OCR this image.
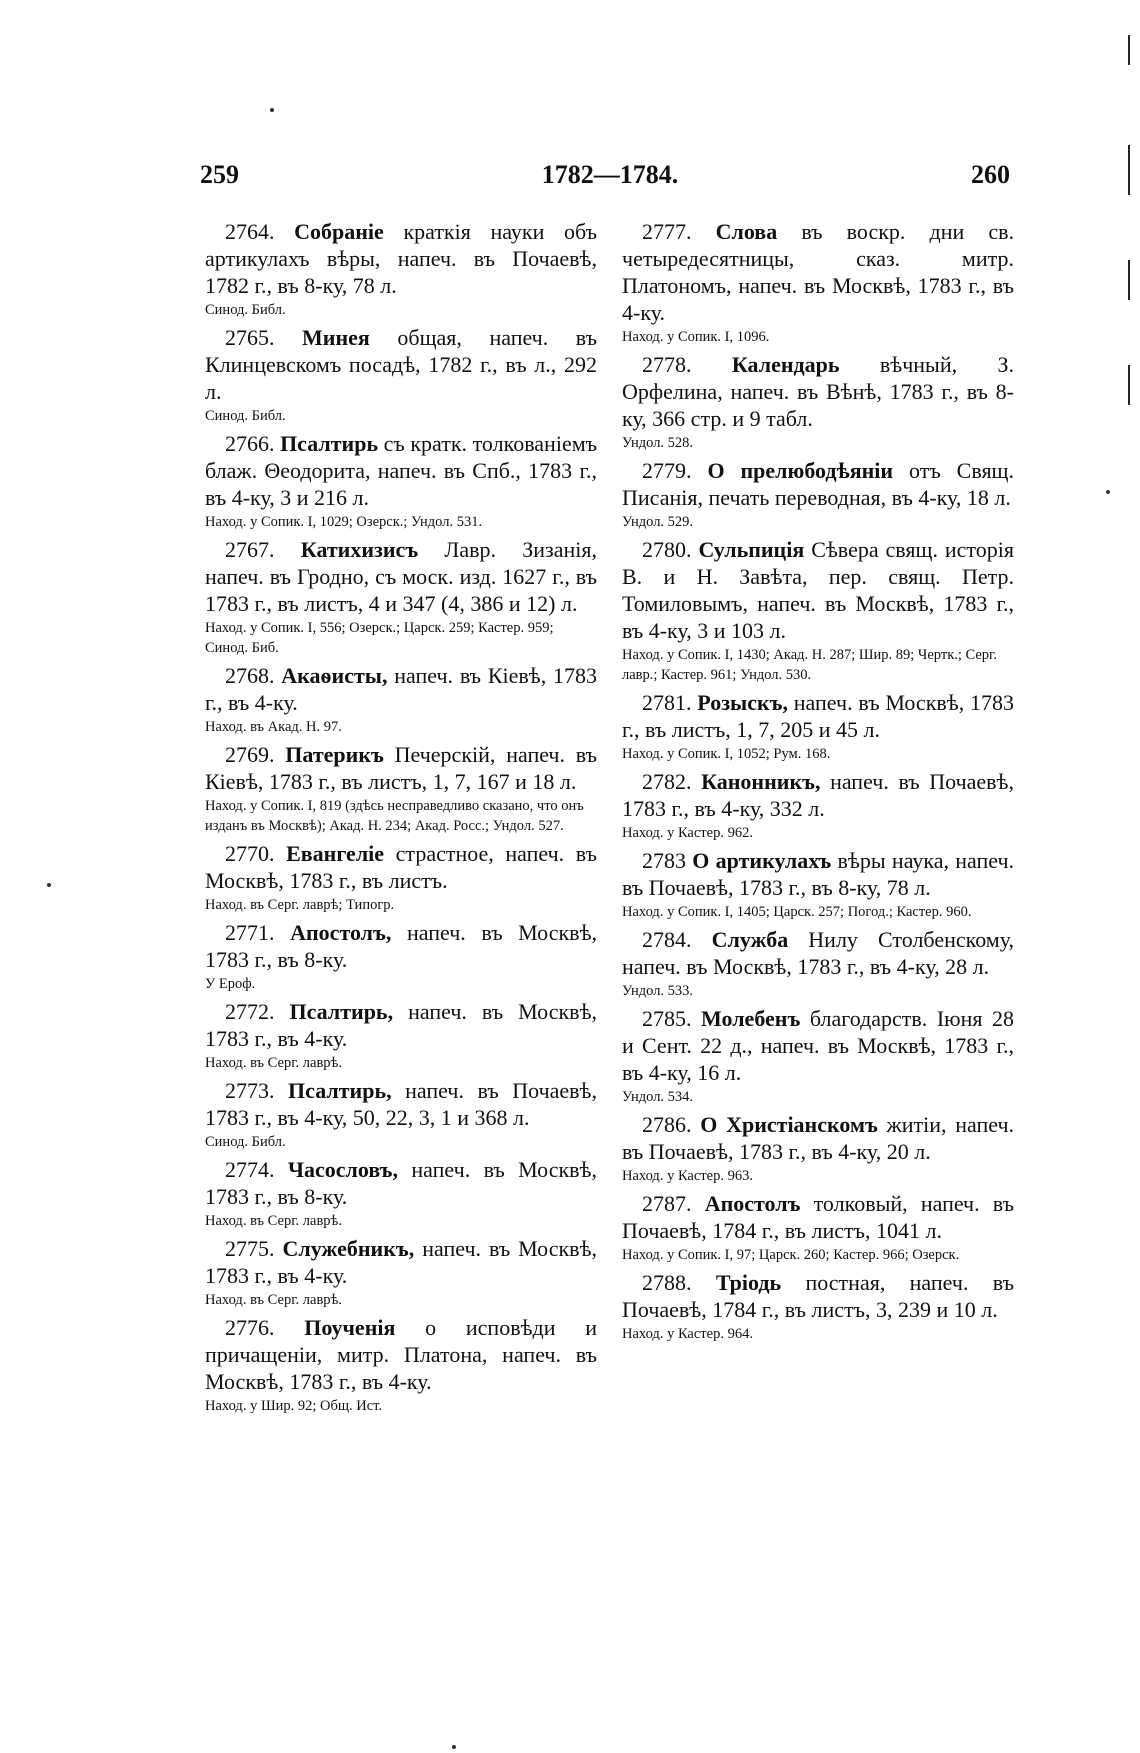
259	1782—1784.	260

2764. Собранiе краткiя науки объ артикулахъ вѣры, напеч. въ Почаевѣ, 1782 г., въ 8-ку, 78 л.

Синод. Библ.

2765. Минея общая, напеч. въ Клинцевскомъ посадѣ, 1782 г., въ л., 292 л.

Синод. Библ.

2766. Псалтирь съ кратк. толкованiемъ блаж. Θеодорита, напеч. въ Спб., 1783 г., въ 4-ку, 3 и 216 л.

Наход. у Сопик. I, 1029; Озерск.; Ундол. 531.

2767. Катихизисъ Лавр. Зизанiя, напеч. въ Гродно, съ моск. изд. 1627 г., въ 1783 г., въ листъ, 4 и 347 (4, 386 и 12) л.

Наход. у Сопик. I, 556; Озерск.; Царск. 259; Кастер. 959; Синод. Биб.

2768. Акаѳисты, напеч. въ Кiевѣ, 1783 г., въ 4-ку.

Наход. въ Акад. Н. 97.

2769. Патерикъ Печерскiй, напеч. въ Кiевѣ, 1783 г., въ листъ, 1, 7, 167 и 18 л.

Наход. у Сопик. I, 819 (здѣсь несправедливо сказано, что онъ изданъ въ Москвѣ); Акад. Н. 234; Акад. Росс.; Ундол. 527.

2770. Евангелiе страстное, напеч. въ Москвѣ, 1783 г., въ листъ.

Наход. въ Серг. лаврѣ; Типогр.

2771. Апостолъ, напеч. въ Москвѣ, 1783 г., въ 8-ку.

У Ероф.

2772. Псалтирь, напеч. въ Москвѣ, 1783 г., въ 4-ку.

Наход. въ Серг. лаврѣ.

2773. Псалтирь, напеч. въ Почаевѣ, 1783 г., въ 4-ку, 50, 22, 3, 1 и 368 л.

Синод. Библ.

2774. Часословъ, напеч. въ Москвѣ, 1783 г., въ 8-ку.

Наход. въ Серг. лаврѣ.

2775. Служебникъ, напеч. въ Москвѣ, 1783 г., въ 4-ку.

Наход. въ Серг. лаврѣ.

2776. Поученiя о исповѣди и причащенiи, митр. Платона, напеч. въ Москвѣ, 1783 г., въ 4-ку.

Наход. у Шир. 92; Общ. Ист.

2777. Слова въ воскр. дни св. четыредесятницы, сказ. митр. Платономъ, напеч. въ Москвѣ, 1783 г., въ 4-ку.

Наход. у Сопик. I, 1096.

2778. Календарь вѣчный, З. Орфелина, напеч. въ Вѣнѣ, 1783 г., въ 8-ку, 366 стр. и 9 табл.

Ундол. 528.

2779. О прелюбодѣянiи отъ Свящ. Писанiя, печать переводная, въ 4-ку, 18 л.

Ундол. 529.

2780. Сульпицiя Сѣвера свящ. исторiя В. и Н. Завѣта, пер. свящ. Петр. Томиловымъ, напеч. въ Москвѣ, 1783 г., въ 4-ку, 3 и 103 л.

Наход. у Сопик. I, 1430; Акад. Н. 287; Шир. 89; Чертк.; Серг. лавр.; Кастер. 961; Ундол. 530.

2781. Розыскъ, напеч. въ Москвѣ, 1783 г., въ листъ, 1, 7, 205 и 45 л.

Наход. у Сопик. I, 1052; Рум. 168.

2782. Канонникъ, напеч. въ Почаевѣ, 1783 г., въ 4-ку, 332 л.

Наход. у Кастер. 962.

2783 О артикулахъ вѣры наука, напеч. въ Почаевѣ, 1783 г., въ 8-ку, 78 л.

Наход. у Сопик. I, 1405; Царск. 257; Погод.; Кастер. 960.

2784. Служба Нилу Столбенскому, напеч. въ Москвѣ, 1783 г., въ 4-ку, 28 л.

Ундол. 533.

2785. Молебенъ благодарств. Iюня 28 и Сент. 22 д., напеч. въ Москвѣ, 1783 г., въ 4-ку, 16 л.

Ундол. 534.

2786. О Христiанскомъ житiи, напеч. въ Почаевѣ, 1783 г., въ 4-ку, 20 л.

Наход. у Кастер. 963.

2787. Апостолъ толковый, напеч. въ Почаевѣ, 1784 г., въ листъ, 1041 л.

Наход. у Сопик. I, 97; Царск. 260; Кастер. 966; Озерск.

2788. Трiодь постная, напеч. въ Почаевѣ, 1784 г., въ листъ, 3, 239 и 10 л.

Наход. у Кастер. 964.
